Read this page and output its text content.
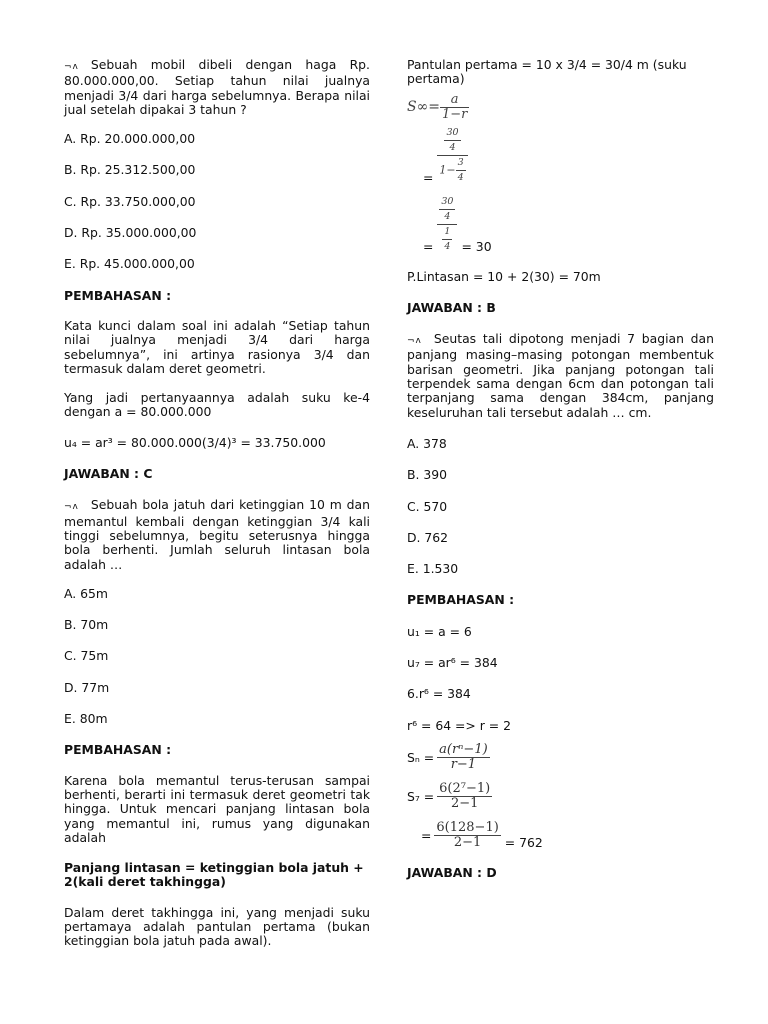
¬ʌ Sebuah mobil dibeli dengan haga Rp. 80.000.000,00. Setiap tahun nilai jualnya menjadi 3/4 dari harga sebelumnya. Berapa nilai jual setelah dipakai 3 tahun ?

A. Rp. 20.000.000,00

B. Rp. 25.312.500,00

C. Rp. 33.750.000,00

D. Rp. 35.000.000,00

E. Rp. 45.000.000,00

PEMBAHASAN :

Kata kunci dalam soal ini adalah “Setiap tahun nilai jualnya menjadi 3/4 dari harga sebelumnya”, ini artinya rasionya 3/4 dan termasuk dalam deret geometri.

Yang jadi pertanyaannya adalah suku ke-4 dengan a = 80.000.000

u₄ = ar³ = 80.000.000(3/4)³ = 33.750.000

JAWABAN : C

¬ʌ Sebuah bola jatuh dari ketinggian 10 m dan memantul kembali dengan ketinggian 3/4 kali tinggi sebelumnya, begitu seterusnya hingga bola berhenti. Jumlah seluruh lintasan bola adalah …

A. 65m

B. 70m

C. 75m

D. 77m

E. 80m

PEMBAHASAN :

Karena bola memantul terus-terusan sampai berhenti, berarti ini termasuk deret geometri tak hingga. Untuk mencari panjang lintasan bola yang memantul ini, rumus yang digunakan adalah

Panjang lintasan = ketinggian bola jatuh + 2(kali deret takhingga)

Dalam deret takhingga ini, yang menjadi suku pertamaya adalah pantulan pertama (bukan ketinggian bola jatuh pada awal).

Pantulan pertama = 10 x 3/4 = 30/4 m (suku pertama)

$S\infty= \frac{a}{1-r}$
= $\frac{\frac{30}{4}}{1- \frac{3}{4}}$
= $\frac{\frac{30}{4}}{\frac{1}{4}} = 30$

P.Lintasan = 10 + 2(30) = 70m

JAWABAN : B

¬ʌ Seutas tali dipotong menjadi 7 bagian dan panjang masing–masing potongan membentuk barisan geometri. Jika panjang potongan tali terpendek sama dengan 6cm dan potongan tali terpanjang sama dengan 384cm, panjang keseluruhan tali tersebut adalah … cm.

A. 378

B. 390

C. 570

D. 762

E. 1.530

PEMBAHASAN :

u₁ = a = 6

u₇ = ar⁶ = 384

6.r⁶ = 384

r⁶ = 64 => r = 2

$S_n = \frac{\text{a(rⁿ−1)}}{r-1}$
$S_7 = \frac{\text{6(2⁷−1)}}{2-1}$
= $\frac{6(128-1)}{2-1} = 762$

JAWABAN : D
